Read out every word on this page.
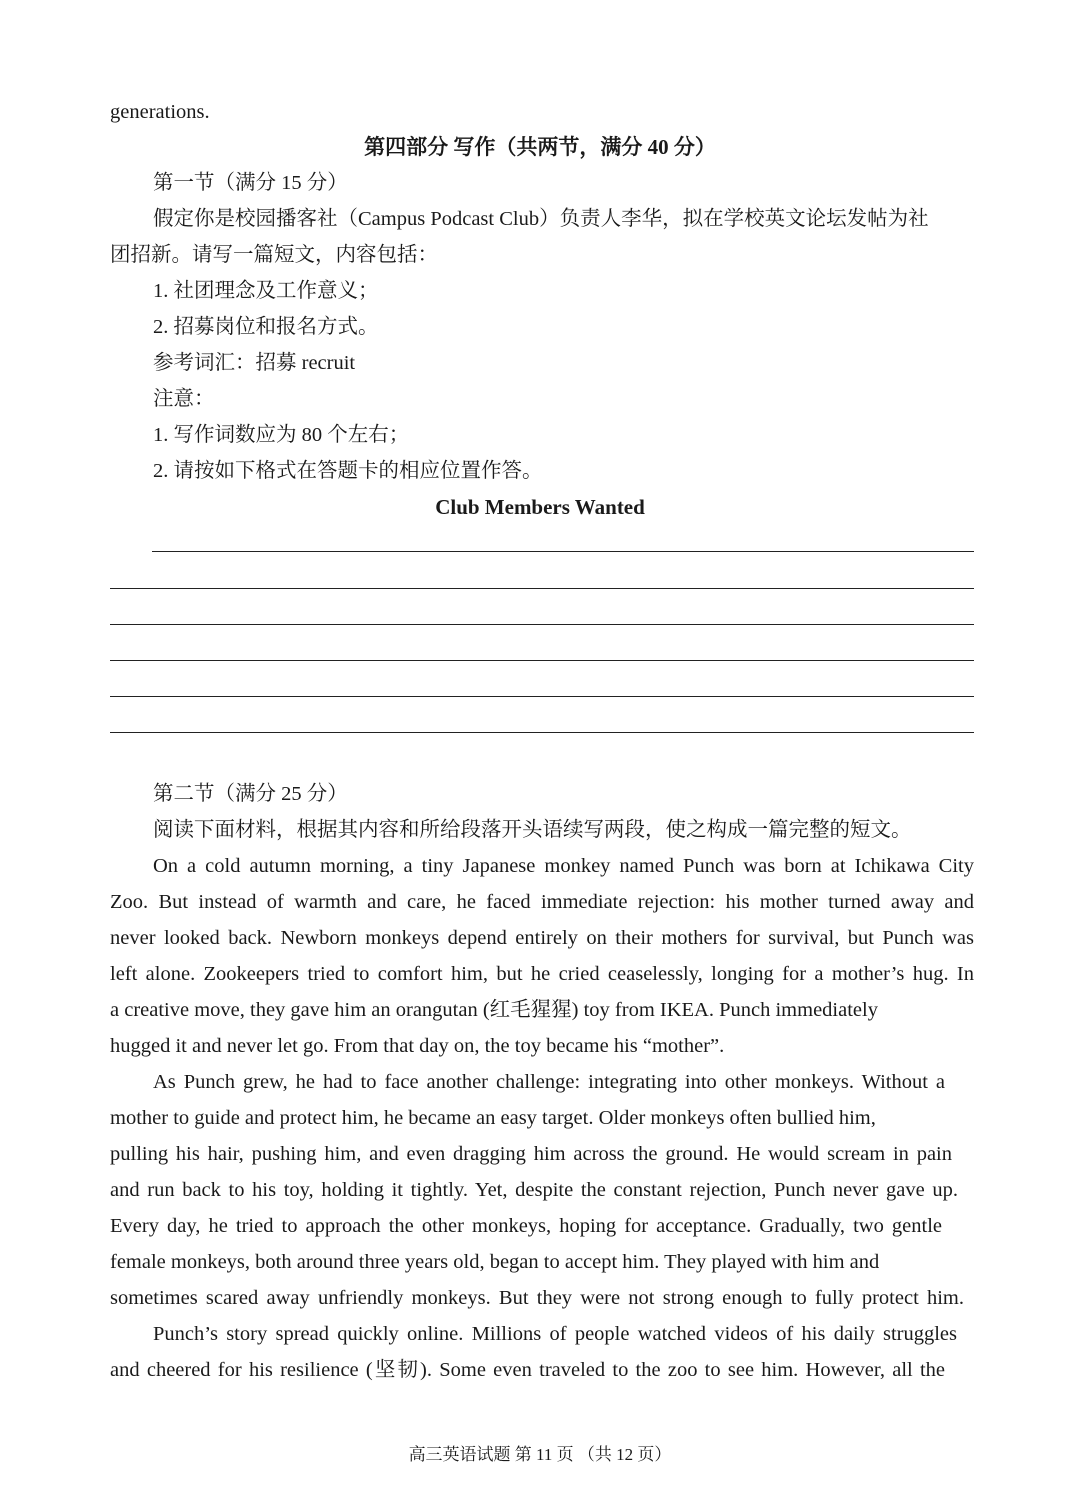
generations.
第四部分 写作（共两节，满分 40 分）
第一节（满分 15 分）
假定你是校园播客社（Campus Podcast Club）负责人李华，拟在学校英文论坛发帖为社
团招新。请写一篇短文，内容包括：
1. 社团理念及工作意义；
2. 招募岗位和报名方式。
参考词汇：招募 recruit
注意：
1. 写作词数应为 80 个左右；
2. 请按如下格式在答题卡的相应位置作答。
Club Members Wanted
第二节（满分 25 分）
阅读下面材料，根据其内容和所给段落开头语续写两段，使之构成一篇完整的短文。
On a cold autumn morning, a tiny Japanese monkey named Punch was born at Ichikawa City
Zoo. But instead of warmth and care, he faced immediate rejection: his mother turned away and
never looked back. Newborn monkeys depend entirely on their mothers for survival, but Punch was
left alone. Zookeepers tried to comfort him, but he cried ceaselessly, longing for a mother’s hug. In
a creative move, they gave him an orangutan (红毛猩猩) toy from IKEA. Punch immediately
hugged it and never let go. From that day on, the toy became his “mother”.
As Punch grew, he had to face another challenge: integrating into other monkeys. Without a
mother to guide and protect him, he became an easy target. Older monkeys often bullied him,
pulling his hair, pushing him, and even dragging him across the ground. He would scream in pain
and run back to his toy, holding it tightly. Yet, despite the constant rejection, Punch never gave up.
Every day, he tried to approach the other monkeys, hoping for acceptance. Gradually, two gentle
female monkeys, both around three years old, began to accept him. They played with him and
sometimes scared away unfriendly monkeys. But they were not strong enough to fully protect him.
Punch’s story spread quickly online. Millions of people watched videos of his daily struggles
and cheered for his resilience (坚韧). Some even traveled to the zoo to see him. However, all the
高三英语试题 第 11 页 （共 12 页）
